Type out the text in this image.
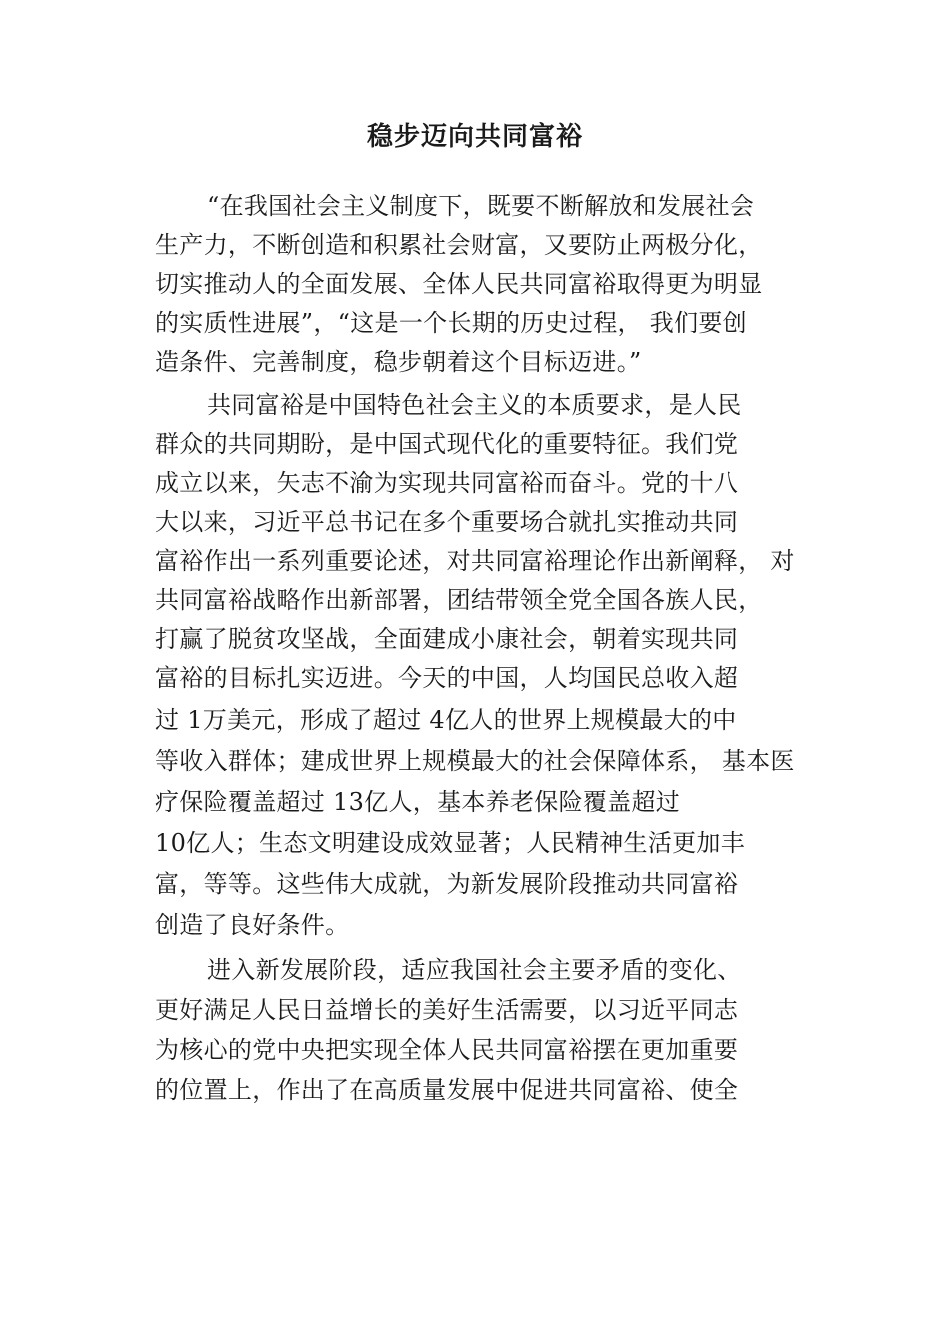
稳步迈向共同富裕
“在我国社会主义制度下，既要不断解放和发展社会
生产力，不断创造和积累社会财富，又要防止两极分化，
切实推动人的全面发展、全体人民共同富裕取得更为明显
的实质性进展”，“这是一个长期的历史过程， 我们要创
造条件、完善制度，稳步朝着这个目标迈进。”
共同富裕是中国特色社会主义的本质要求，是人民
群众的共同期盼，是中国式现代化的重要特征。我们党
成立以来，矢志不渝为实现共同富裕而奋斗。党的十八
大以来，习近平总书记在多个重要场合就扎实推动共同
富裕作出一系列重要论述，对共同富裕理论作出新阐释， 对
共同富裕战略作出新部署，团结带领全党全国各族人民，
打赢了脱贫攻坚战，全面建成小康社会，朝着实现共同
富裕的目标扎实迈进。今天的中国，人均国民总收入超
过 1万美元，形成了超过 4亿人的世界上规模最大的中
等收入群体；建成世界上规模最大的社会保障体系， 基本医
疗保险覆盖超过 13亿人，基本养老保险覆盖超过
10亿人；生态文明建设成效显著；人民精神生活更加丰
富，等等。这些伟大成就，为新发展阶段推动共同富裕
创造了良好条件。
进入新发展阶段，适应我国社会主要矛盾的变化、
更好满足人民日益增长的美好生活需要，以习近平同志
为核心的党中央把实现全体人民共同富裕摆在更加重要
的位置上，作出了在高质量发展中促进共同富裕、使全
